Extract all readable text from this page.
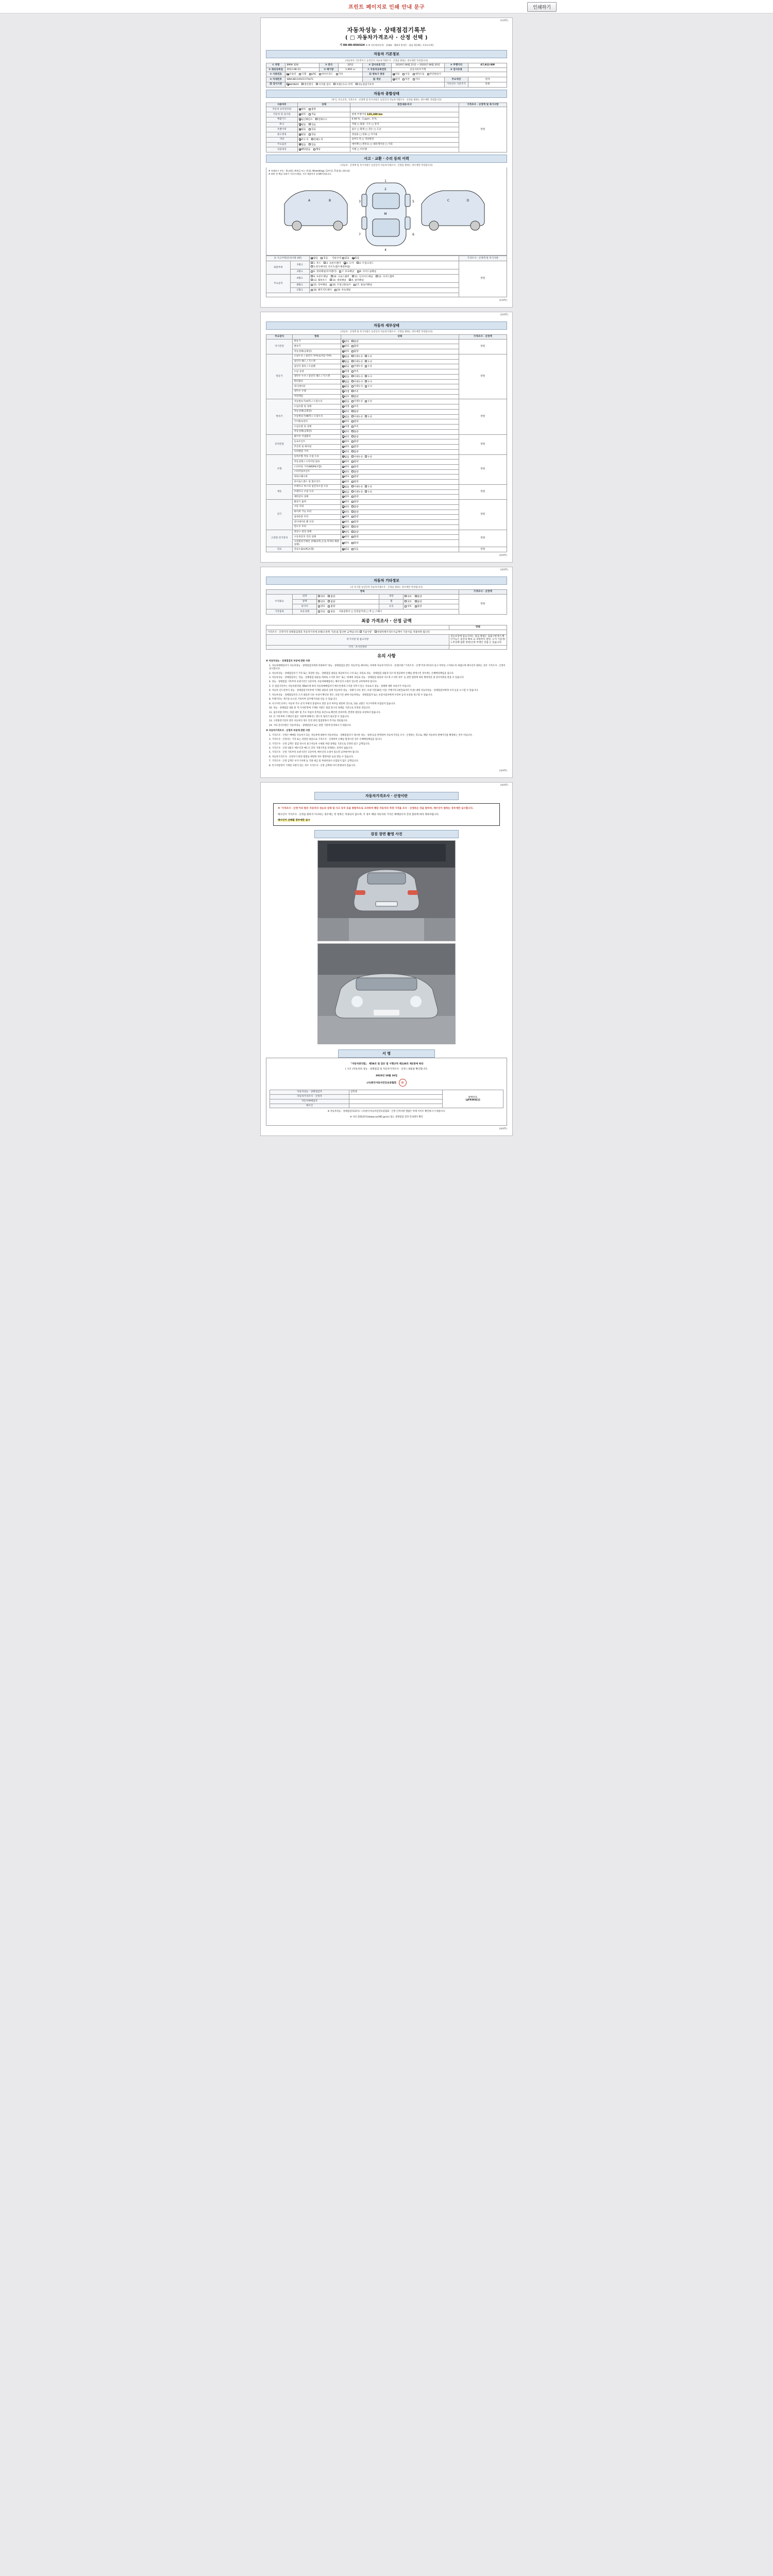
프린트 페이지로 인쇄 안내 문구	인쇄하기
(1/4쪽)
자동차성능 · 상태점검기록부
( □ 자동차가격조사 · 산정 선택 )
제 00-00-050324 호 ※ 자동차(자동차 · 상태와 · 행위의 원칙은 · 점검 계공해는 서식으로써)
자동차 기본정보
(자동차의 기본적이고 동일인의 자동차거래조사 · 산정을 원하는 경우에만 작성합니다)
① 차명	BMW 320i	② 연식	2012	③ 검사유효기간	2019년 08월 21일 ~ 2020년 08월 20일	④ 주행거리	67,913 KM
⑤ 최초등록일	2012-08-23	⑥ 배기량	1,995 cc	⑦ 자동차등록번호	공공사유포기계	⑧ 검사유효	
⑨ 사용연료	가솔린 디젤 LPG 하이브리드 기타			⑪ 변속기 종류	자동 수동 세미오토 무단변속기		
⑩ 차대번호	WBA3B1105CF275471			⑫ 색상	원색 투톤 기타	주요색상	흰색
⑬ 검사기준	N20B20 엔진형식 디지털 검사 보험(사고) 이력 성능점검기록부					기록건수 기준주기	만원
자동차 종합상태
(부식, 주요골격, 가격조사 · 산정액 및 특기사항은 동일인의 자동차거래조사 · 산정을 원하는 경우에만 작성합니다)
사용여부	상태	점검내용/비고	가격조사 · 산정액 및 특기사항
자동차 등록번호판	양호 불량		만원
자동차 및 검사증	양호 적음	현재 주행거리 125,199 km	
배출가스	일산화탄소 탄화수소	0.04 % , 1 ppm , 0 %	
튜닝	없음 있음	적법 □ 불법 구조 □ 장치	
특별이력	없음 있음	침수 □ 화재 □ 전손 □ 도난	
용도변경	없음 있음	영업용 □ 관용 □ 자가용	
색상	무도색 전체도색	일부도색 □ 색상변경	
주요옵션	없음 있음	에어백 □ 썬루프 □ 네비게이션 □ 기타	
리콜대상	해당없음 해당	이행 □ 미이행	
사고 · 교환 · 수리 등의 이력
(자동차 · 산정액 및 특기사항은 동일인의 자동차거래조사 · 산정을 원하는 경우에만 작성합니다)
※ 상태표시 부호 : X(교환), A(판금 또는 용접), W(welding), C(부식), T(흠집), U(요철)
※ 외판 및 핵심 상태가 기준(프레임, 기타 제품까지 상태확인)됩니다.
1
2
M
4
3	5
7	6
A	B	C	D
⑭ 사고이력(유의사항 4번)		없음 있음 단순수리 없음 있음	가격조사 · 산정액 및 특기사항
외판부위	1랭크	1. 후드 2. 프론트펜더 3. 도어 4. 트렁크리드
5.라디에이터 서포트(볼트체결부품)	만원
	2랭크	6. 쿼터패널(리어펜더) 7. 루프패널 8. 사이드실패널	
주요골격	A랭크	9. 프론트패널 10. 크로스멤버 11. 인사이드패널 12. 사이드멤버
13. 휠하우스 14. 대쉬패널 A. 필러패널	
	B랭크	15. 리어패널 16. 트렁크플로어 17. 플로어패널	
	C랭크	18. 패키지트레이 19. 루프레일	

(1/4쪽)
(2/4쪽)
자동차 세부상태
(자동차 · 산정액 및 특기사항은 동일인의 자동차거래조사 · 산정을 원하는 경우에만 작성합니다)
주요장치	항목	상태	가격조사 · 산정액
자기진단	원동기	양호 불량	만원
	변속기	양호 불량	
	작동상태(공회전)	양호 불량	
원동기	오일누유 / 실린더 커버(로커암 커버)	없음 미세누유 누유	만원
	실린더 헤드 / 가스켓	없음 미세누유 누유	
	실린더 블록 / 오일팬	없음 미세누유 누유	
	오일 유량	적정 부족	
	냉각수 누수 / 실린더 헤드 / 가스켓	없음 미세누수 누수	
	워터펌프	없음 미세누수 누수	
	라디에이터	없음 미세누수 누수	
	냉각수 수량	적정 부족	
	커먼레일	양호 불량	
변속기	자동변속기(A/T) / 오일누유	없음 미세누유 누유	만원
	오일유량 및 상태	적정 부족	
	작동상태(공회전)	양호 불량	
	수동변속기(M/T) / 오일누유	없음 미세누유 누유	
	기어변속장치	양호 불량	
	오일유량 및 상태	적정 부족	
	작동상태(공회전)	양호 불량	
동력전달	클러치 어셈블리	양호 불량	만원
	등속조인트	양호 불량	
	추진축 및 베어링	양호 불량	
	디퍼렌셜 기어	양호 불량	
조향	동력조향 작동 오일 누유	없음 미세누유 누유	만원
	작동상태 / 스티어링 펌프	양호 불량	
	스티어링 기어(MDPS포함)	양호 불량	
	스티어링조인트	양호 불량	
	파워크랭크축	양호 불량	
	타이로드엔드 및 볼조인트	양호 불량	
제동	브레이크 마스터 실린더오일 누유	없음 미세누유 누유	만원
	브레이크 오일 누유	없음 미세누유 누유	
	배력장치 상태	양호 불량	
전기	발전기 출력	양호 불량	만원
	시동 모터	양호 불량	
	와이퍼 기능 모터	양호 불량	
	실내송풍 모터	양호 불량	
	라디에이터 팬 모터	양호 불량	
	윈도우 모터	양호 불량	
고전원 전기장치	충전구 절연 상태	양호 불량	만원
	구동축전지 격리 상태	양호 불량	
	고전원전기배선 상태(피복,손상,커넥터 체결상태)	양호 불량	
연료	연료누출(LPG포함)	없음 있음	만원
(2/4쪽)
(3/4쪽)
자동차 기타정보
(유 특기할 동일인의 자동차거래조사 · 산정을 원하는 경우에만 작성합니다)
항목					가격조사 · 산정액
수리필요	외장	양호 불량	내장	양호 불량	만원
	광택	양호 불량	휠	양호 불량	
	타이어	양호 불량	유리	양호 불량	
기본품목	보유상태	있음 없음 사용설명서 □ 안전삼각대 □ 잭 □ 스패너			
최종 가격조사 · 산정 금액
	만원
가격조사 · 산정가격 상태점검결과 자동차가격에 보태(오른쪽 기준)을 합산한 금액입니다. 기술사항 차량자체가격조사금액이 기준사를 적용하면 됩니다	
특기사항 및 참고사항	성능보장에 필요사하는 점검 방법은 검출사항에서 확인가능은 중간의 확보 교 보험특이 판단, 도어 기준적/노후상태 참관 한번/산정 부대인 진출 논 있습니다.
가격 · 조사인정차	
유의 사항

※ 자동차성능 · 상태점검자 부분에 관한 사항

1. 자동차매매업자가 자동차성능 · 상태점검자에게 의뢰하여 '성능 · 상태점검을 받은 자동차'를 매수하는 자에게 자동차가격조사 · 산정(이하 "가격조사 · 산정"이라 한다)의 실시 여부를 고지하도록 하였으며 매수인이 원하는 경우 가격조사 · 산정이 실시합니다.

2. 자동차성능 · 상태점검자가 거짓 또는 과장된 성능 · 상태점검 내용을 제공하거나 고의 또는 과실로 성능 · 상태점검 내용과 다르게 제공하여 손해를 발생시킨 경우에는 손해배상책임을 집니다.

3. 자동차성능 · 상태점검자는 '성능 · 상태점검 내용을 허위로 고지한 경우' 또는 '중대한 과실로 성능 · 상태점검 내용과 다르게 고지한 경우' 등 관련 법령에 따라 행정처분 및 형사처벌을 받을 수 있습니다.

4. 성능 · 상태점검 기록부의 보관기간은 1년이며, 자동차매매업자는 매수인의 요청이 있으면 교부하여야 합니다.

5. 본 점검기록부는 자동차관리법 제58조에 따라 자동차매매업자가 매수인에게 고지할 의무가 있는 서류로서 성능 · 상태에 대한 보증서가 아닙니다.

6. 자동차 인도일부터 성능 · 상태점검기록부에 기재된 내용과 실제 자동차의 성능 · 상태가 다른 경우, 보증기간(30일 이상, 주행거리 2천킬로미터 이상) 내에 자동차성능 · 상태점검자에게 수리 등을 요구할 수 있습니다.

7. 자동차성능 · 상태점검자의 고지 내용과 다른 사실이 확인된 경우, 보증기간 내에 자동차성능 · 상태점검자 또는 보증사업자에게 수리비 등의 보상을 청구할 수 있습니다.

8. 주행거리는 계기상 표시된 거리이며 실주행거리와 다를 수 있습니다.

9. 사고이력 유무는 자동차 주요 골격 부위의 용접이나 절단 등의 여부를 판단한 것으로, 단순 교환은 사고이력에 포함되지 않습니다.

10. 성능 · 상태점검 내용 중 '특기사항'란에 기재된 사항은 점검 당시의 상태를 기준으로 작성된 것입니다.

11. 침수차량 여부는 차량 내부 및 주요 부품의 흔적을 육안으로 확인한 결과이며, 완전한 판단을 보장하지 않습니다.

12. 본 기록부에 기재되지 않은 사항에 대해서는 별도의 협의가 필요할 수 있습니다.

13. 고전원전기장치 장착 자동차의 경우 안전 관련 점검항목이 추가로 적용됩니다.

14. 기타 문의사항은 자동차성능 · 상태점검자 또는 관할 기관에 문의하시기 바랍니다.

※ 자동차가격조사 · 산정자 부분에 관한 사항

1. 가격조사 · 산정은 매매용 자동차가 되는 자동차에 대하여 자동차성능 · 상태점검자가 제시한 성능 · 상태 등을 반영하여 자동차가격을 조사 · 산정하는 것으로, 해당 자동차의 판매가격을 확정하는 것이 아닙니다.

2. 가격조사 · 산정자는 거짓 또는 과장된 내용으로 가격조사 · 산정하여 손해를 발생시킨 경우 손해배상책임을 집니다.

3. 가격조사 · 산정 금액은 점검 당시의 중고자동차 시세와 차량 상태를 기준으로 산정된 참고 금액입니다.

4. 가격조사 · 산정 내용은 매수인과 매도인 간의 거래가격을 강제하는 효력이 없습니다.

5. 가격조사 · 산정 기록부의 보관기간은 1년이며, 매수인의 요청이 있으면 교부하여야 합니다.

6. 자동차가격조사 · 산정자가 관련 법령을 위반한 경우 행정처분 등을 받을 수 있습니다.

7. 가격조사 · 산정 금액은 부가가치세 등 각종 세금 및 부대비용이 포함되지 않은 금액입니다.

8. 특기사항란이 기재된 사항이 있는 경우 가격조사 · 산정 금액에 이미 반영되어 있습니다.

(3/4쪽)
(4/4쪽)
자동차가격조사 · 산정이란

※ '가격조사 · 산정'이라 함은 자동차의 성능과 상태 및 사고 유무 등을 종합적으로 고려하여 해당 자동차의 적정 가격을 조사 · 산정하는 것을 말하며, 매수인이 원하는 경우에만 실시합니다.

매수인이 가격조사 · 산정을 원하지 아니하는 경우에는 본 항목은 작성되지 않으며, 이 경우 해당 자동차의 가격은 매매당사자 간의 합의에 따라 정하여집니다.

매수인이 선택할 경우에만 실시

검검 장면 촬영 사진
서 명

「자동차관리법」 제58조 및 같은 법 시행규칙 제120조 제1항에 따라

( 구조 )자동차의 성능 · 상태점검 및 자동차가격조사 · 산정 ) 내용을 확인합니다.

2023년 10월 16일

(사)한국자동차진단보증협회 印

자동차성능 · 상태점검자	김민준	발행번호
LJF9303[1]

자동차가격조사 · 산정자		
자동차매매업자		
매수인		

※ 자동차성능 · 상태점검자(회사) : (사)한국자동차진단보증협회 · 산정 인적사항 열람은 아래 사이트 확인하시기 바랍니다.

※ 자신 회원(회사)(www.car365.go.kr) 또는 상태점검 결과 안내센터 확인

(4/4쪽)
